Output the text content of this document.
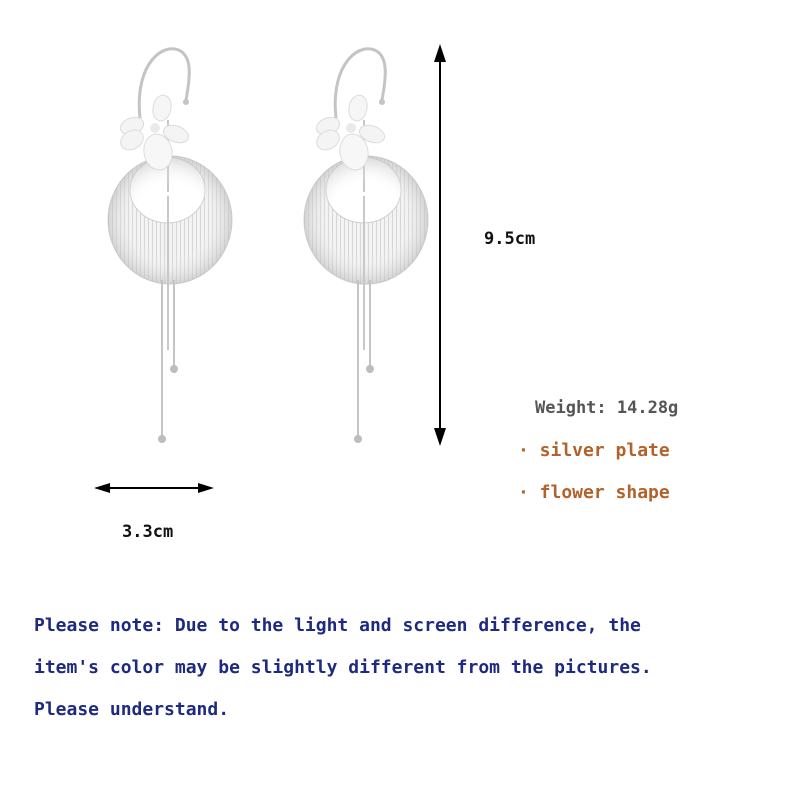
9.5cm
3.3cm
Weight: 14.28g
· silver plate
· flower shape
Please note: Due to the light and screen difference, the
item's color may be slightly different from the pictures.
Please understand.
